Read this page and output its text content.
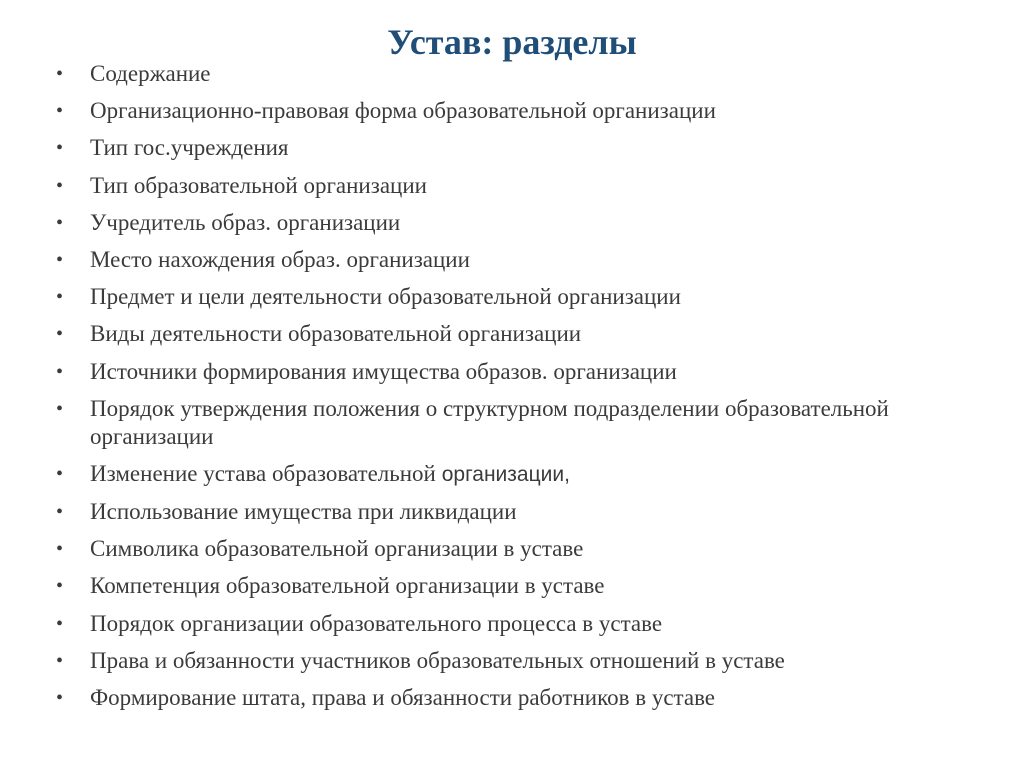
Устав: разделы
•	Содержание
•	Организационно-правовая форма образовательной организации
•	Тип гос.учреждения
•	Тип образовательной организации
•	Учредитель образ. организации
•	Место нахождения образ. организации
•	Предмет и цели деятельности образовательной организации
•	Виды деятельности образовательной организации
•	Источники формирования имущества образов. организации
•	Порядок утверждения положения о структурном подразделении образовательной организации
•	Изменение устава образовательной организации,
•	Использование имущества при ликвидации
•	Символика образовательной организации в уставе
•	Компетенция образовательной организации в уставе
•	Порядок организации образовательного процесса в уставе
•	Права и обязанности участников образовательных отношений в уставе
•	Формирование штата, права и обязанности работников в уставе
